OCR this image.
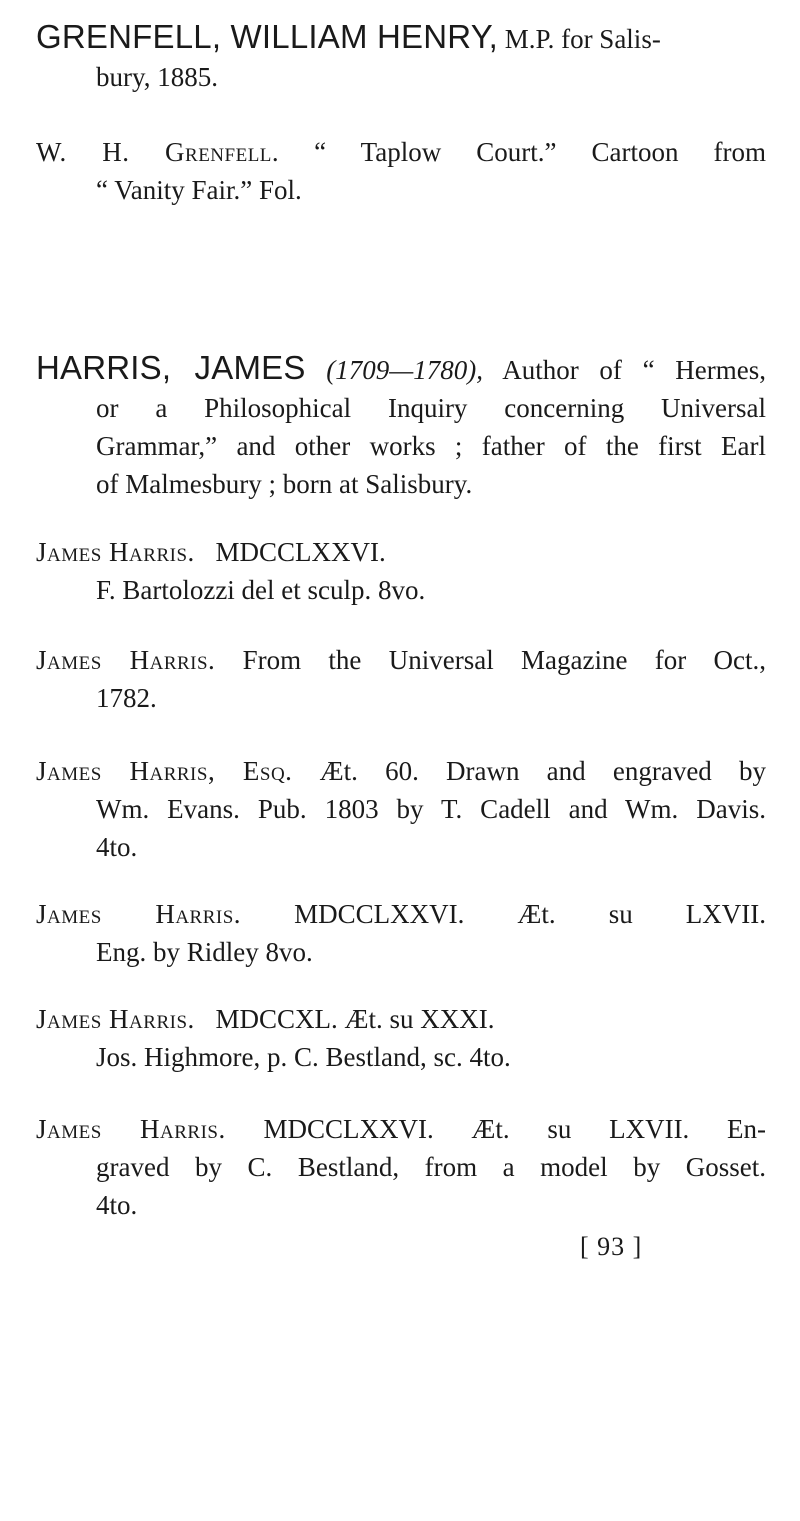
GRENFELL, WILLIAM HENRY, M.P. for Salis-
bury, 1885.
W. H. Grenfell. “ Taplow Court.” Cartoon from
“ Vanity Fair.” Fol.
HARRIS, JAMES (1709—1780), Author of “ Hermes,
or a Philosophical Inquiry concerning Universal
Grammar,” and other works ; father of the first Earl
of Malmesbury ; born at Salisbury.
James Harris. MDCCLXXVI.
F. Bartolozzi del et sculp. 8vo.
James Harris. From the Universal Magazine for Oct.,
1782.
James Harris, Esq. Æt. 60. Drawn and engraved by
Wm. Evans. Pub. 1803 by T. Cadell and Wm. Davis.
4to.
James Harris. MDCCLXXVI. Æt. su LXVII.
Eng. by Ridley 8vo.
James Harris. MDCCXL. Æt. su XXXI.
Jos. Highmore, p. C. Bestland, sc. 4to.
James Harris. MDCCLXXVI. Æt. su LXVII. En-
graved by C. Bestland, from a model by Gosset.
4to.
[ 93 ]
